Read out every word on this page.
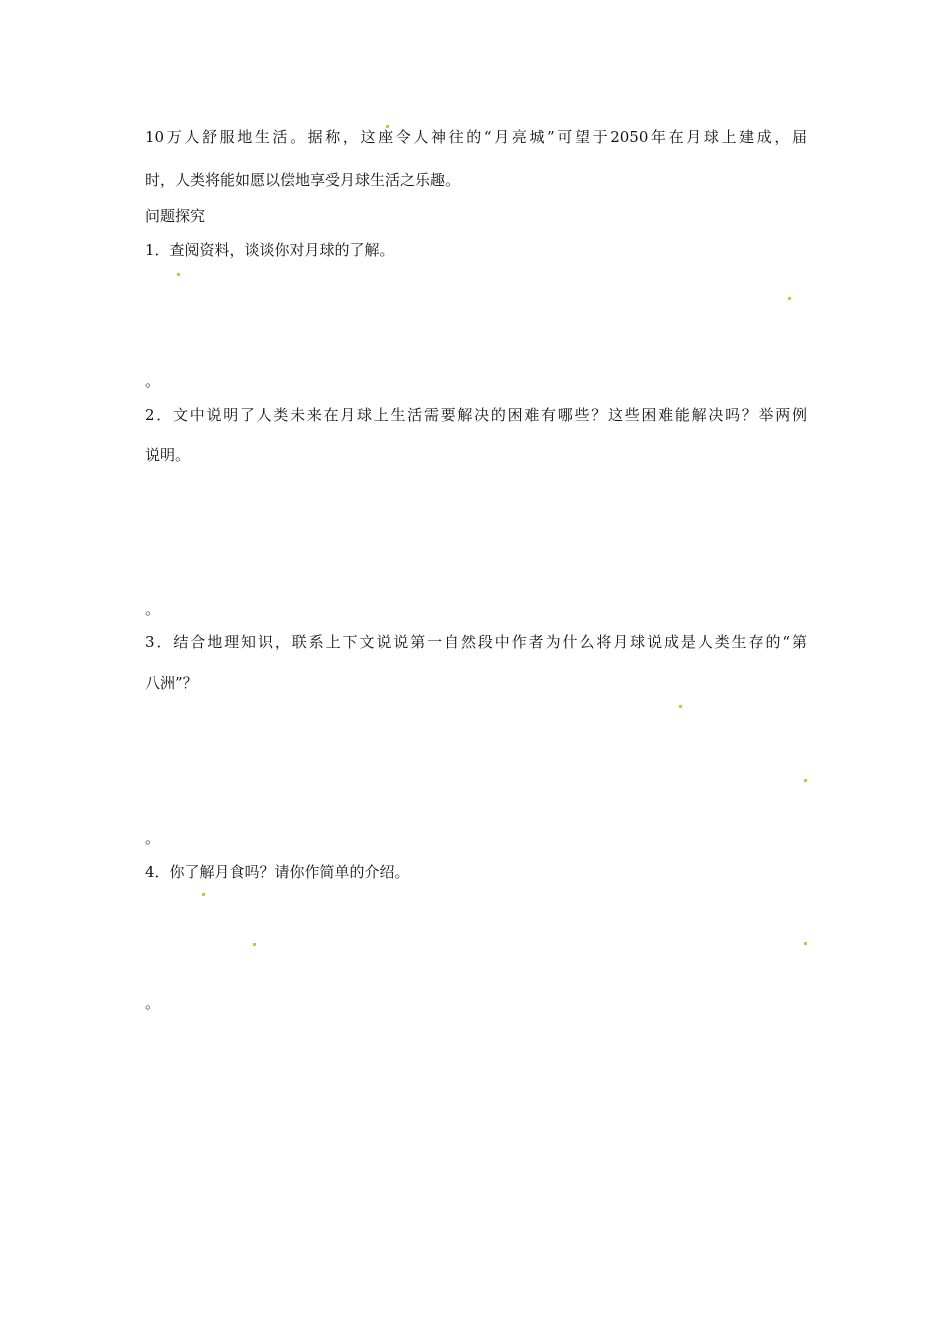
10万人舒服地生活。据称，这座令人神往的“月亮城”可望于2050年在月球上建成，届

时，人类将能如愿以偿地享受月球生活之乐趣。

问题探究

1．查阅资料，谈谈你对月球的了解。

。

2．文中说明了人类未来在月球上生活需要解决的困难有哪些？这些困难能解决吗？举两例

说明。

。

3．结合地理知识，联系上下文说说第一自然段中作者为什么将月球说成是人类生存的“第

八洲”？

。

4．你了解月食吗？请你作简单的介绍。

。
